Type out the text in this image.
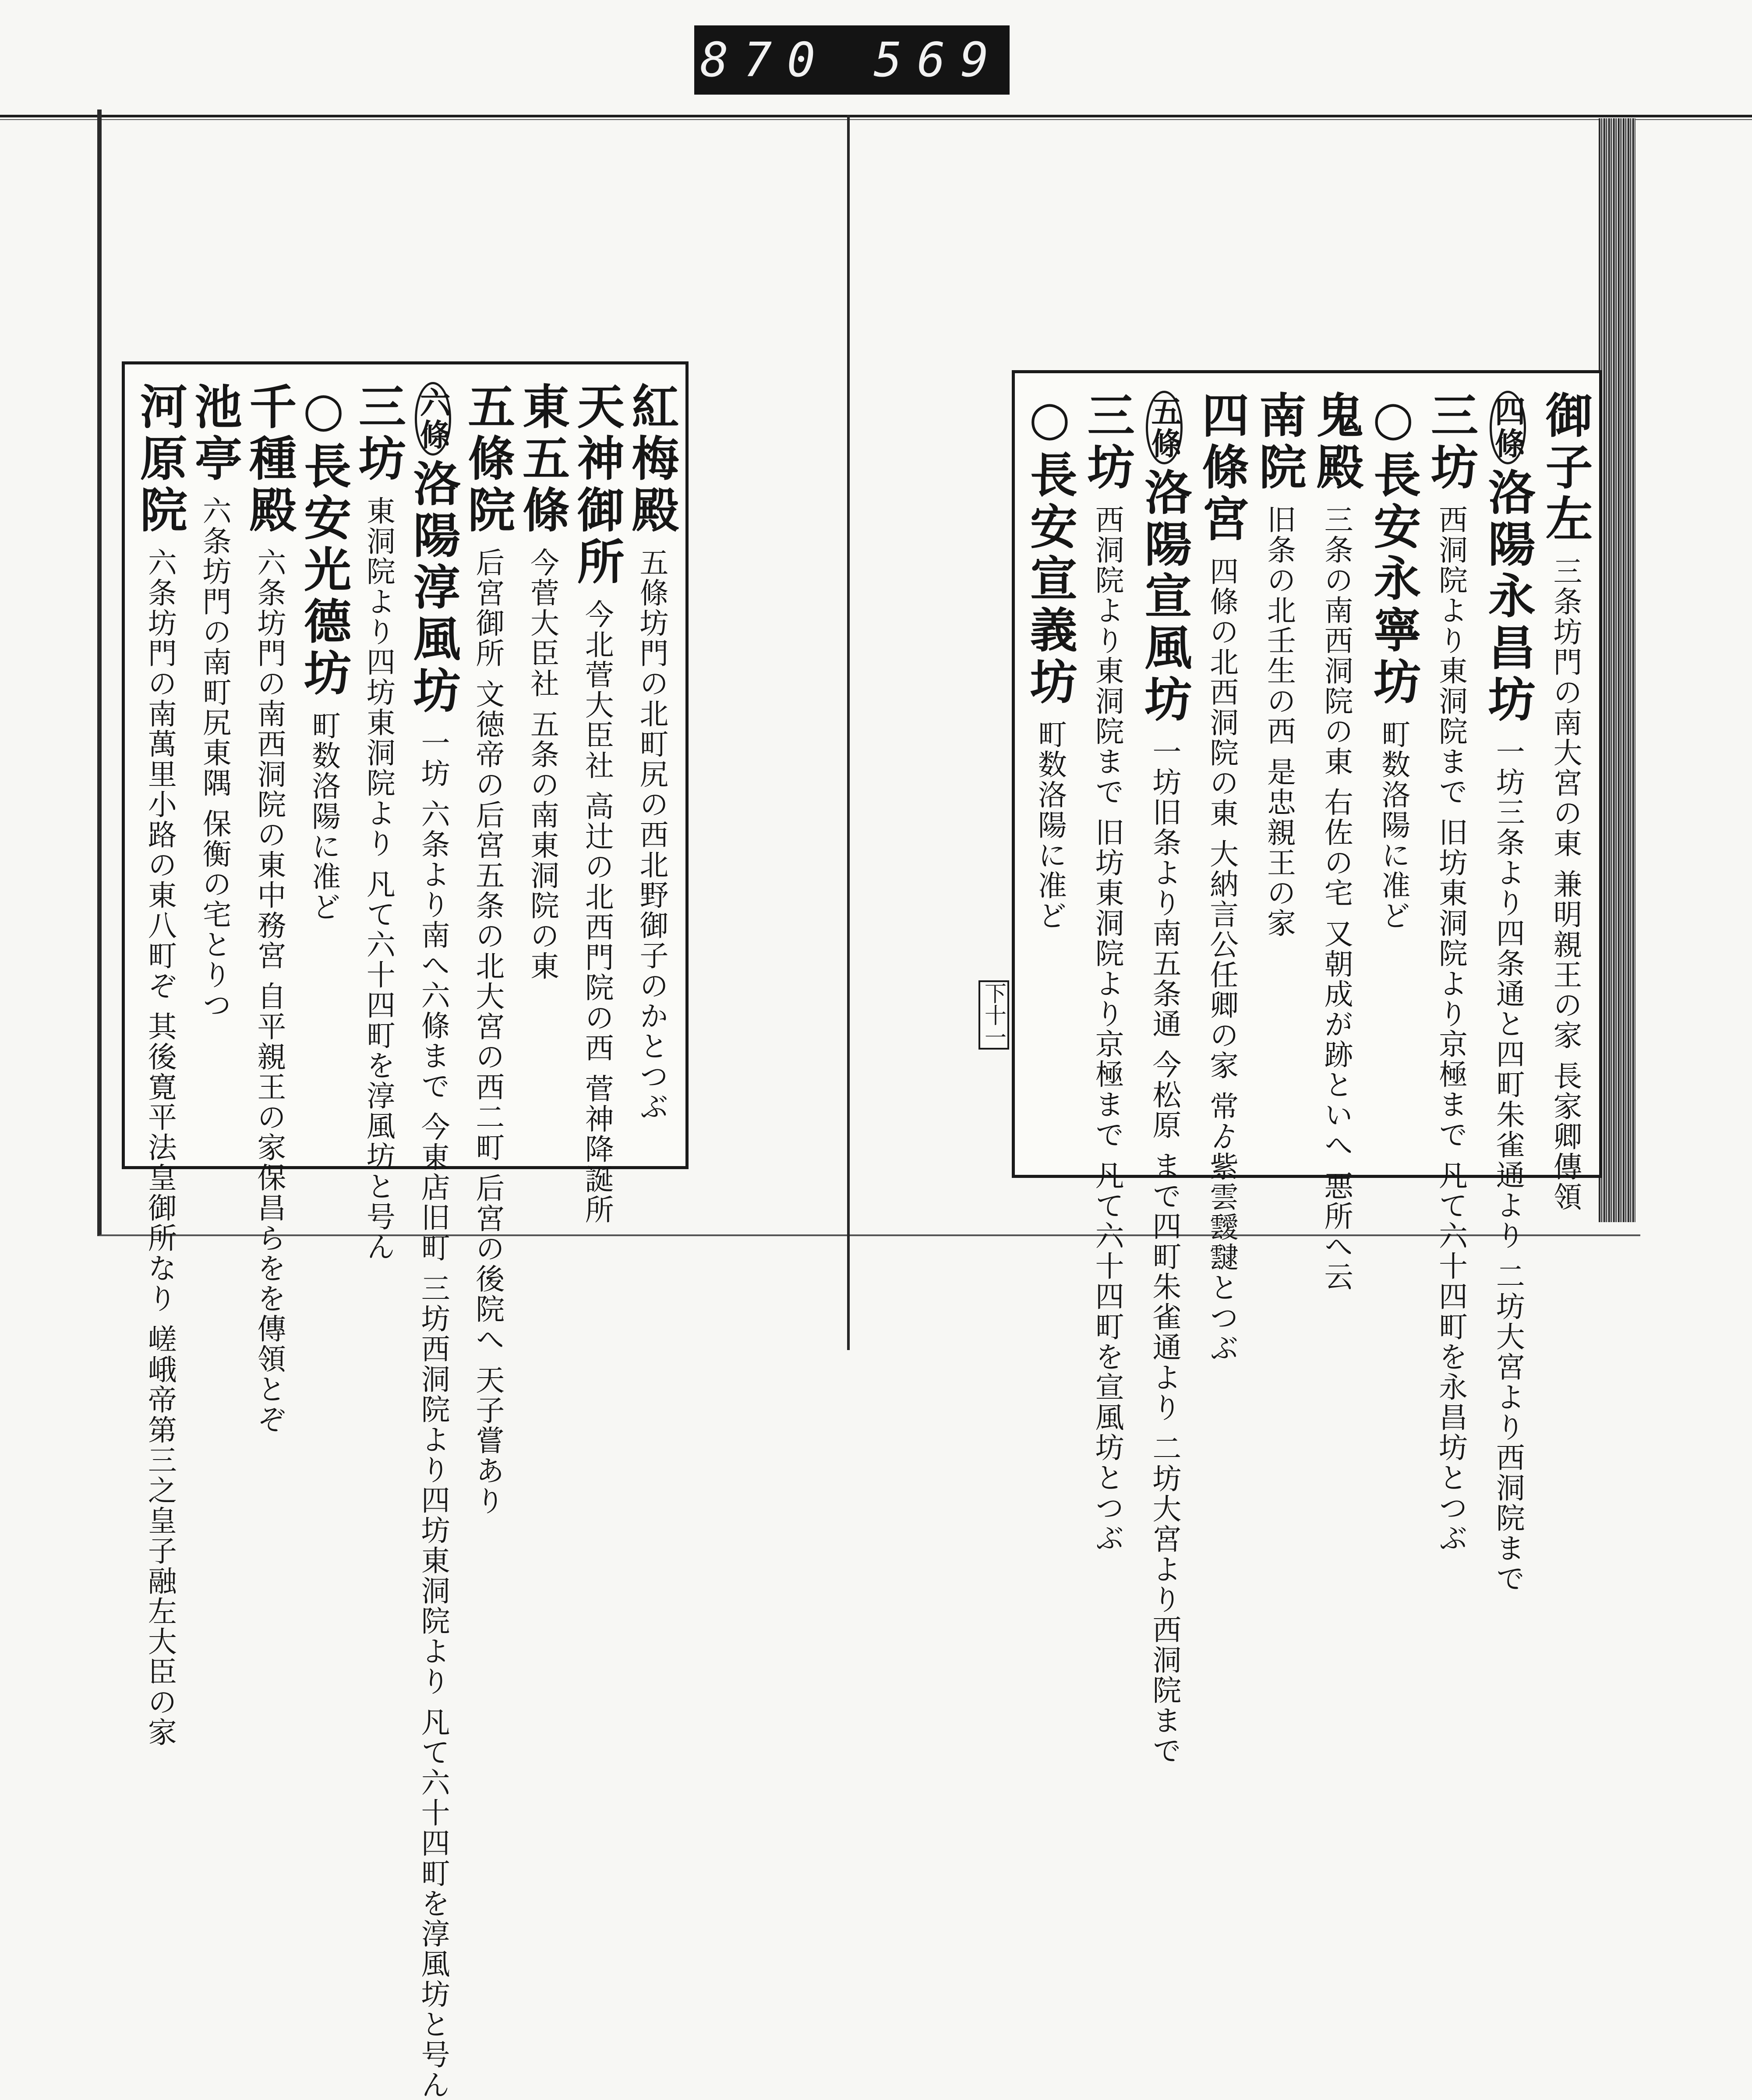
870 569
紅梅殿 五條坊門の北町尻の西北野御子のかとつぶ
天神御所 今北菅大臣社 高辻の北西門院の西 菅神降誕所
東五條 今菅大臣社 五条の南東洞院の東
五條院 后宮御所 文徳帝の后宮五条の北大宮の西二町 后宮の後院へ 天子嘗あり
六條洛陽淳風坊 一坊 六条より南へ六條まで 今東店旧町 三坊西洞院より四坊東洞院より 凡て六十四町を淳風坊と号ん
三坊 東洞院より四坊東洞院より 凡て六十四町を淳風坊と号ん
○長安光德坊 町数洛陽に准ど
千種殿 六条坊門の南西洞院の東中務宮 自平親王の家保昌らをを傳領とぞ
池亭 六条坊門の南町尻東隅 保衡の宅とりつ
河原院 六条坊門の南萬里小路の東八町ぞ 其後寛平法皇御所なり 嵯峨帝第三之皇子融左大臣の家
御子左 三条坊門の南大宮の東 兼明親王の家 長家卿傳領
四條洛陽永昌坊 一坊三条より四条通と四町朱雀通より 二坊大宮より西洞院まで
三坊 西洞院より東洞院まで 旧坊東洞院より京極まで 凡て六十四町を永昌坊とつぶ
○長安永寧坊 町数洛陽に准ど
鬼殿 三条の南西洞院の東 右佐の宅 又朝成が跡といへ 悪所へ云
南院 旧条の北壬生の西 是忠親王の家
四條宮 四條の北西洞院の東 大納言公任卿の家 常ゟ紫雲靉靆とつぶ
五條洛陽宣風坊 一坊旧条より南五条通 今松原 まで四町朱雀通より 二坊大宮より西洞院まで
三坊 西洞院より東洞院まで 旧坊東洞院より京極まで 凡て六十四町を宣風坊とつぶ
○長安宣義坊 町数洛陽に准ど
下十一
